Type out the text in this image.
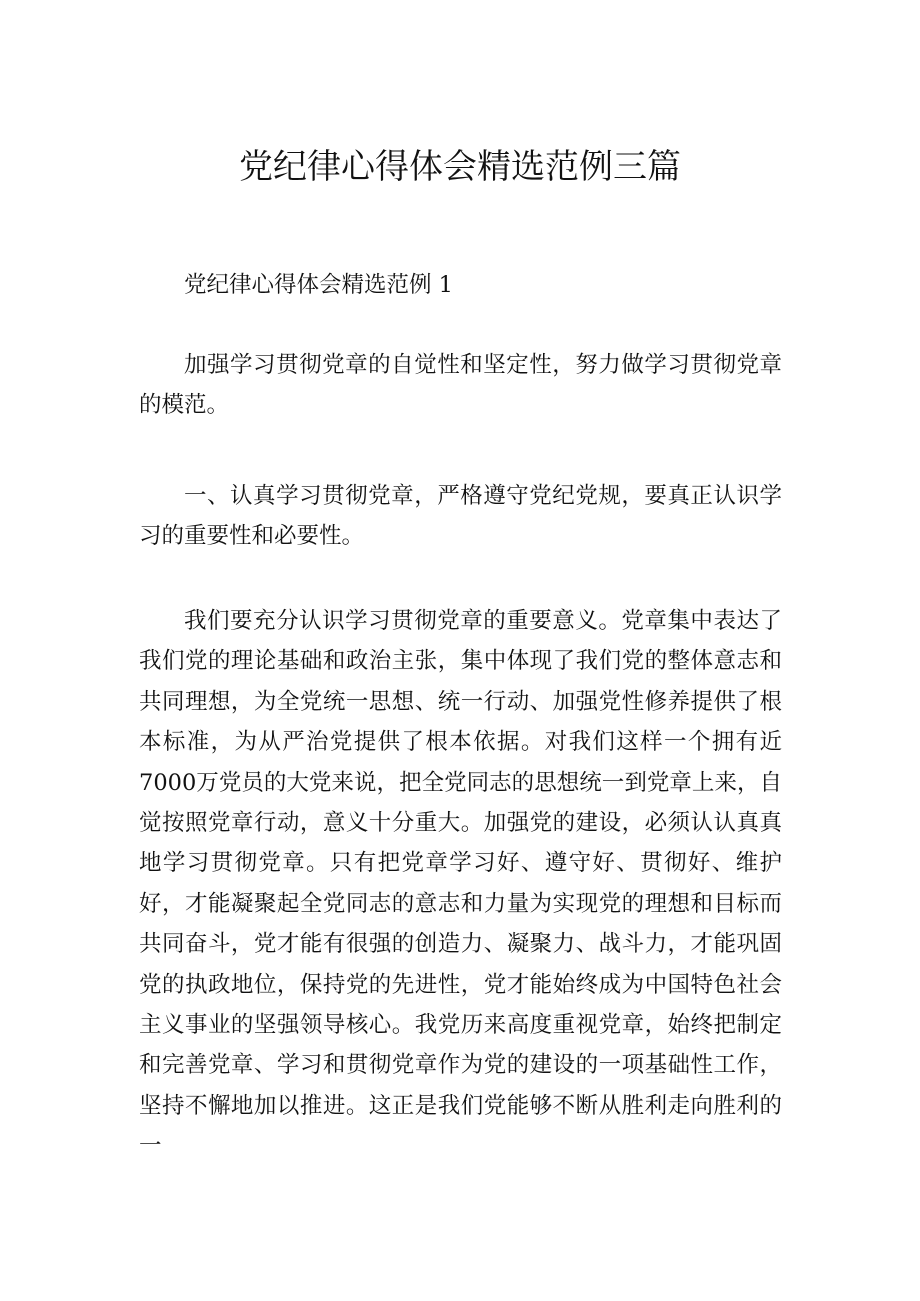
党纪律心得体会精选范例三篇

党纪律心得体会精选范例 1

加强学习贯彻党章的自觉性和坚定性，努力做学习贯彻党章的模范。

一、认真学习贯彻党章，严格遵守党纪党规，要真正认识学习的重要性和必要性。

我们要充分认识学习贯彻党章的重要意义。党章集中表达了我们党的理论基础和政治主张，集中体现了我们党的整体意志和共同理想，为全党统一思想、统一行动、加强党性修养提供了根本标准，为从严治党提供了根本依据。对我们这样一个拥有近7000万党员的大党来说，把全党同志的思想统一到党章上来，自觉按照党章行动，意义十分重大。加强党的建设，必须认认真真地学习贯彻党章。只有把党章学习好、遵守好、贯彻好、维护好，才能凝聚起全党同志的意志和力量为实现党的理想和目标而共同奋斗，党才能有很强的创造力、凝聚力、战斗力，才能巩固党的执政地位，保持党的先进性，党才能始终成为中国特色社会主义事业的坚强领导核心。我党历来高度重视党章，始终把制定和完善党章、学习和贯彻党章作为党的建设的一项基础性工作，坚持不懈地加以推进。这正是我们党能够不断从胜利走向胜利的一
